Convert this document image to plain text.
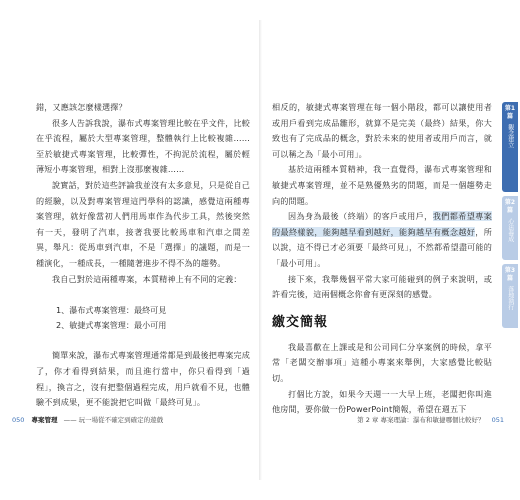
錯，又應該怎麼樣選擇？

很多人告訴我說，瀑布式專案管理比較在乎文件，比較在乎流程，屬於大型專案管理，整體執行上比較複雜……至於敏捷式專案管理，比較彈性，不拘泥於流程，屬於輕薄短小專案管理，相對上沒那麼複雜……

說實話，對於這些評論我並沒有太多意見，只是從自己的經驗，以及對專案管理這門學科的認識，感覺這兩種專案管理，就好像當初人們用馬車作為代步工具，然後突然有一天，發明了汽車，接著我要比較馬車和汽車之間差異，舉凡：從馬車到汽車，不是「選擇」的議題，而是一種演化，一種成長，一種隨著進步不得不為的趨勢。

我自己對於這兩種專案，本質精神上有不同的定義：

1、瀑布式專案管理：最終可見

2、敏捷式專案管理：最小可用

簡單來說，瀑布式專案管理通常都是到最後把專案完成了，你才看得到結果，而且進行當中，你只看得到「過程」，換言之，沒有把整個過程完成，用戶就看不見，也體驗不到成果，更不能說把它叫做「最終可見」。

050 專案管理 —— 玩一場從不確定到確定的遊戲

相反的，敏捷式專案管理在每一個小階段，都可以讓使用者或用戶看到完成品雛形，就算不是完美（最終）結果，你大致也有了完成品的概念，對於未來的使用者或用戶而言，就可以稱之為「最小可用」。

基於這兩種本質精神，我一直覺得，瀑布式專案管理和敏捷式專案管理，並不是熟優熟劣的問題，而是一個趨勢走向的問題。

因為身為最後（終端）的客戶或用戶，我們都希望專案的最終樣貌，能夠越早看到越好，能夠越早有概念越好，所以說，這不得已才必須要「最終可見」，不然都希望盡可能的「最小可用」。

接下來，我舉幾個平常大家可能碰到的例子來說明，或許看完後，這兩個概念你會有更深刻的感覺。

繳交簡報

我最喜歡在上課或是和公司同仁分享案例的時候，拿平常「老闆交辦事項」這種小專案來舉例，大家感覺比較貼切。

打個比方說，如果今天週一一大早上班，老闆把你叫進他房間，要你做一份PowerPoint簡報，希望在週五下

第 2 章 專案理論：瀑布和敏捷哪個比較好？ 051
第1篇
觀念建立
第2篇
心法養成
第3篇
落地執行
